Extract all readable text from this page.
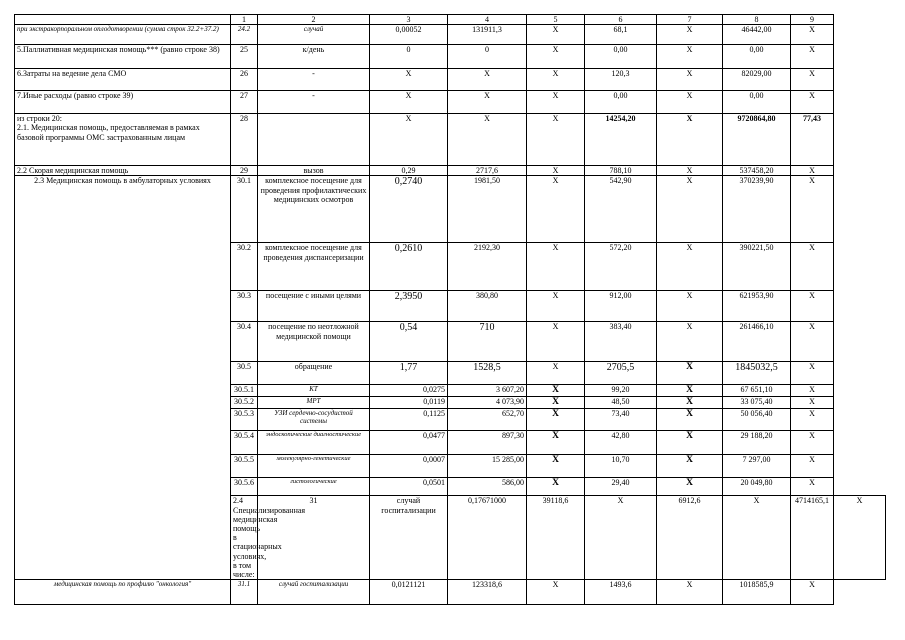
	1	2	3	4	5	6	7	8	9	
при экстракорпоральном оплодотворении (сумма строк 32.2+37.2)	24.2	случай	0,00052	131911,3	X	68,1	X	46442,00	X	
5.Паллиативная медицинская помощь*** (равно строке 38)	25	к/день	0	0	X	0,00	X	0,00	X	
6.Затраты на ведение дела СМО	26	-	X	X	X	120,3	X	82029,00	X	
7.Иные расходы (равно строке 39)	27	-	X	X	X	0,00	X	0,00	X	
из строки 20:
2.1. Медицинская помощь, предоставляемая в рамках базовой программы ОМС застрахованным лицам	28		X	X	X	14254,20	X	9720864,80	77,43	
2.2 Скорая медицинская помощь	29	вызов	0,29	2717,6	X	788,10	X	537458,20	X	
2.3 Медицинская помощь в амбулаторных условиях	30.1	комплексное посещение для проведения профилактических медицинских осмотров	0,2740	1981,50	X	542,90	X	370239,90	X	
	30.2	комплексное посещение для проведения диспансеризации	0,2610	2192,30	X	572,20	X	390221,50	X	
	30.3	посещение с иными целями	2,3950	380,80	X	912,00	X	621953,90	X	
	30.4	посещение по неотложной медицинской помощи	0,54	710	X	383,40	X	261466,10	X	
	30.5	обращение	1,77	1528,5	X	2705,5	X	1845032,5	X	
	30.5.1	КТ	0,0275	3 607,20	X	99,20	X	67 651,10	X	
	30.5.2	МРТ	0,0119	4 073,90	X	48,50	X	33 075,40	X	
	30.5.3	УЗИ сердечно-сосудистой системы	0,1125	652,70	X	73,40	X	50 056,40	X	
	30.5.4	эндоскопические диагностические	0,0477	897,30	X	42,80	X	29 188,20	X	
	30.5.5	молекулярно-генетические	0,0007	15 285,00	X	10,70	X	7 297,00	X	
	30.5.6	гистологические	0,0501	586,00	X	29,40	X	20 049,80	X	
	2.4 Специализированная медицинская помощь в стационарных условиях, в том числе:	31	случай госпитализации	0,17671000	39118,6	X	6912,6	X	4714165,1	X
медицинская помощь по профилю "онкология"	31.1	случай госпитализации	0,0121121	123318,6	X	1493,6	X	1018585,9	X	
